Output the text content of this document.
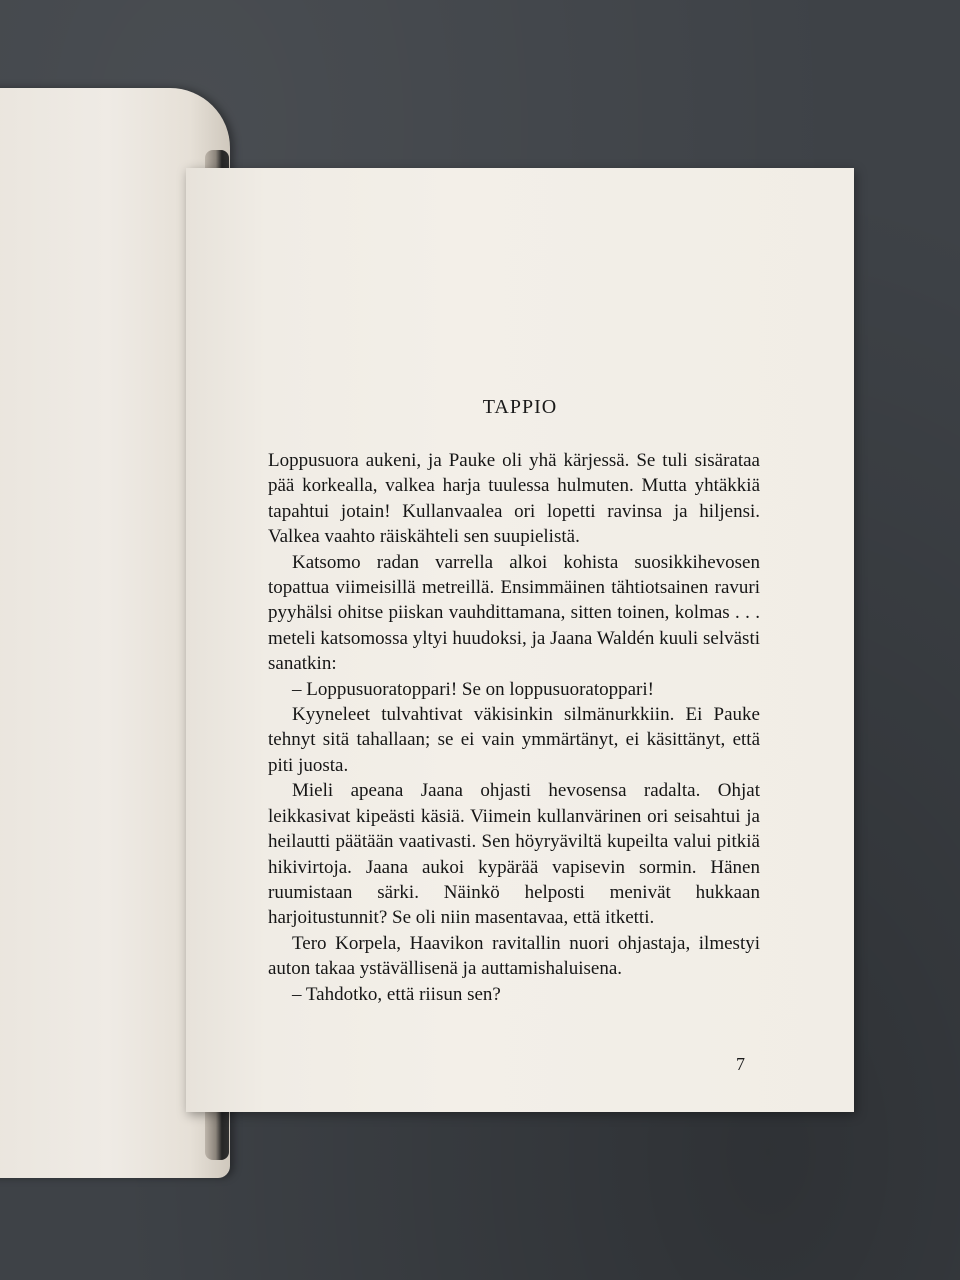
TAPPIO

Loppusuora aukeni, ja Pauke oli yhä kärjessä. Se tuli sisärataa pää korkealla, valkea harja tuulessa hulmuten. Mutta yhtäkkiä tapahtui jotain! Kullanvaalea ori lopetti ravinsa ja hiljensi. Valkea vaahto räiskähteli sen suupielistä.

Katsomo radan varrella alkoi kohista suosikkihevosen topattua viimeisillä metreillä. Ensimmäinen tähtiotsainen ravuri pyyhälsi ohitse piiskan vauhdittamana, sitten toinen, kolmas . . . meteli katsomossa yltyi huudoksi, ja Jaana Waldén kuuli selvästi sanatkin:

– Loppusuoratoppari! Se on loppusuoratoppari!

Kyyneleet tulvahtivat väkisinkin silmänurkkiin. Ei Pauke tehnyt sitä tahallaan; se ei vain ymmärtänyt, ei käsittänyt, että piti juosta.

Mieli apeana Jaana ohjasti hevosensa radalta. Ohjat leikkasivat kipeästi käsiä. Viimein kullanvärinen ori seisahtui ja heilautti päätään vaativasti. Sen höyryäviltä kupeilta valui pitkiä hikivirtoja. Jaana aukoi kypärää vapisevin sormin. Hänen ruumistaan särki. Näinkö helposti menivät hukkaan harjoitustunnit? Se oli niin masentavaa, että itketti.

Tero Korpela, Haavikon ravitallin nuori ohjastaja, ilmestyi auton takaa ystävällisenä ja auttamishaluisena.

– Tahdotko, että riisun sen?

7
